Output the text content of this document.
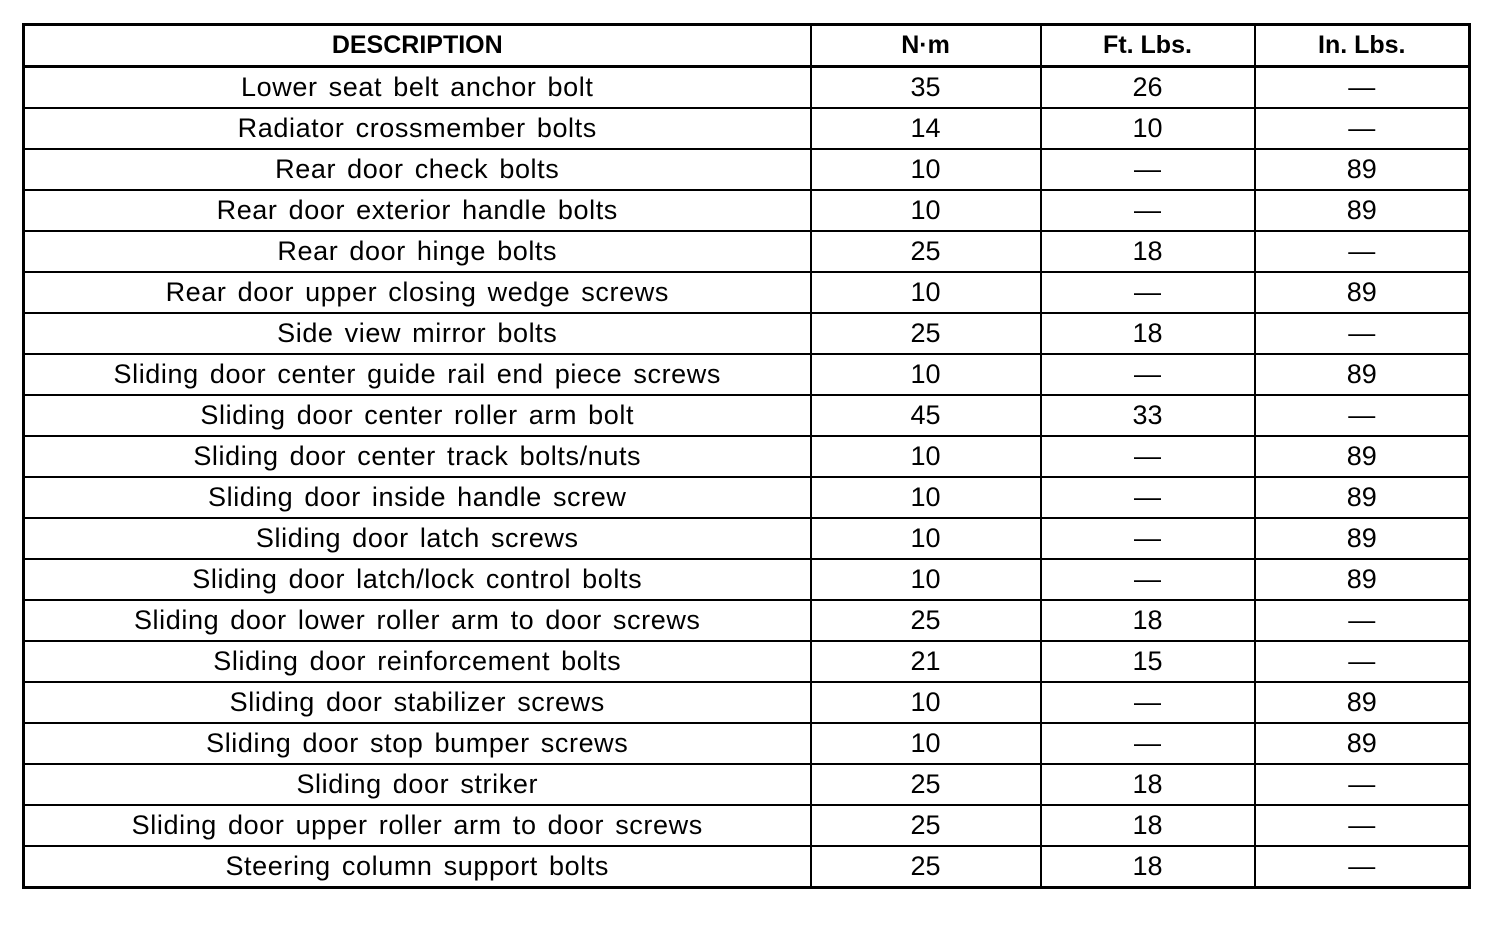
DESCRIPTION	N·m	Ft. Lbs.	In. Lbs.
Lower seat belt anchor bolt	35	26	—
Radiator crossmember bolts	14	10	—
Rear door check bolts	10	—	89
Rear door exterior handle bolts	10	—	89
Rear door hinge bolts	25	18	—
Rear door upper closing wedge screws	10	—	89
Side view mirror bolts	25	18	—
Sliding door center guide rail end piece screws	10	—	89
Sliding door center roller arm bolt	45	33	—
Sliding door center track bolts/nuts	10	—	89
Sliding door inside handle screw	10	—	89
Sliding door latch screws	10	—	89
Sliding door latch/lock control bolts	10	—	89
Sliding door lower roller arm to door screws	25	18	—
Sliding door reinforcement bolts	21	15	—
Sliding door stabilizer screws	10	—	89
Sliding door stop bumper screws	10	—	89
Sliding door striker	25	18	—
Sliding door upper roller arm to door screws	25	18	—
Steering column support bolts	25	18	—
